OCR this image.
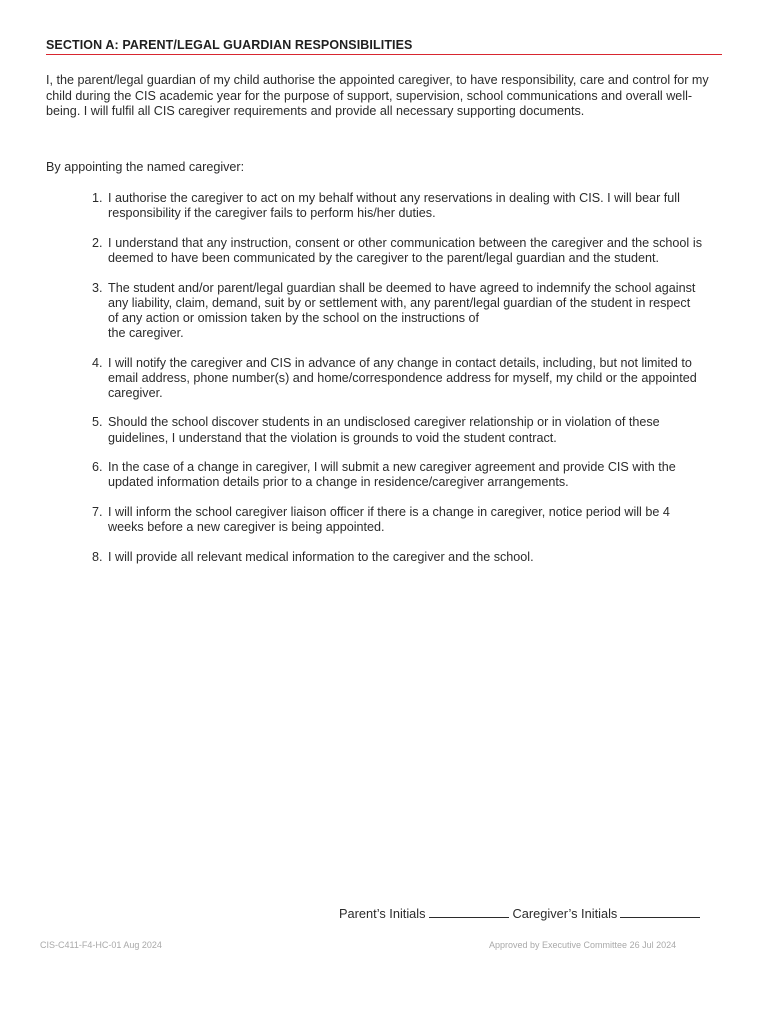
SECTION A: PARENT/LEGAL GUARDIAN RESPONSIBILITIES

I, the parent/legal guardian of my child authorise the appointed caregiver, to have responsibility, care and control for my child during the CIS academic year for the purpose of support, supervision, school communications and overall well-being. I will fulfil all CIS caregiver requirements and provide all necessary supporting documents.

By appointing the named caregiver:

1. I authorise the caregiver to act on my behalf without any reservations in dealing with CIS. I will bear full responsibility if the caregiver fails to perform his/her duties.
2. I understand that any instruction, consent or other communication between the caregiver and the school is deemed to have been communicated by the caregiver to the parent/legal guardian and the student.
3. The student and/or parent/legal guardian shall be deemed to have agreed to indemnify the school against any liability, claim, demand, suit by or settlement with, any parent/legal guardian of the student in respect of any action or omission taken by the school on the instructions of
the caregiver.
4. I will notify the caregiver and CIS in advance of any change in contact details, including, but not limited to email address, phone number(s) and home/correspondence address for myself, my child or the appointed caregiver.
5. Should the school discover students in an undisclosed caregiver relationship or in violation of these guidelines, I understand that the violation is grounds to void the student contract.
6. In the case of a change in caregiver, I will submit a new caregiver agreement and provide CIS with the updated information details prior to a change in residence/caregiver arrangements.
7. I will inform the school caregiver liaison officer if there is a change in caregiver, notice period will be 4 weeks before a new caregiver is being appointed.
8. I will provide all relevant medical information to the caregiver and the school.
Parent’s Initials	Caregiver’s Initials
CIS-C411-F4-HC-01 Aug 2024	Approved by Executive Committee 26 Jul 2024
